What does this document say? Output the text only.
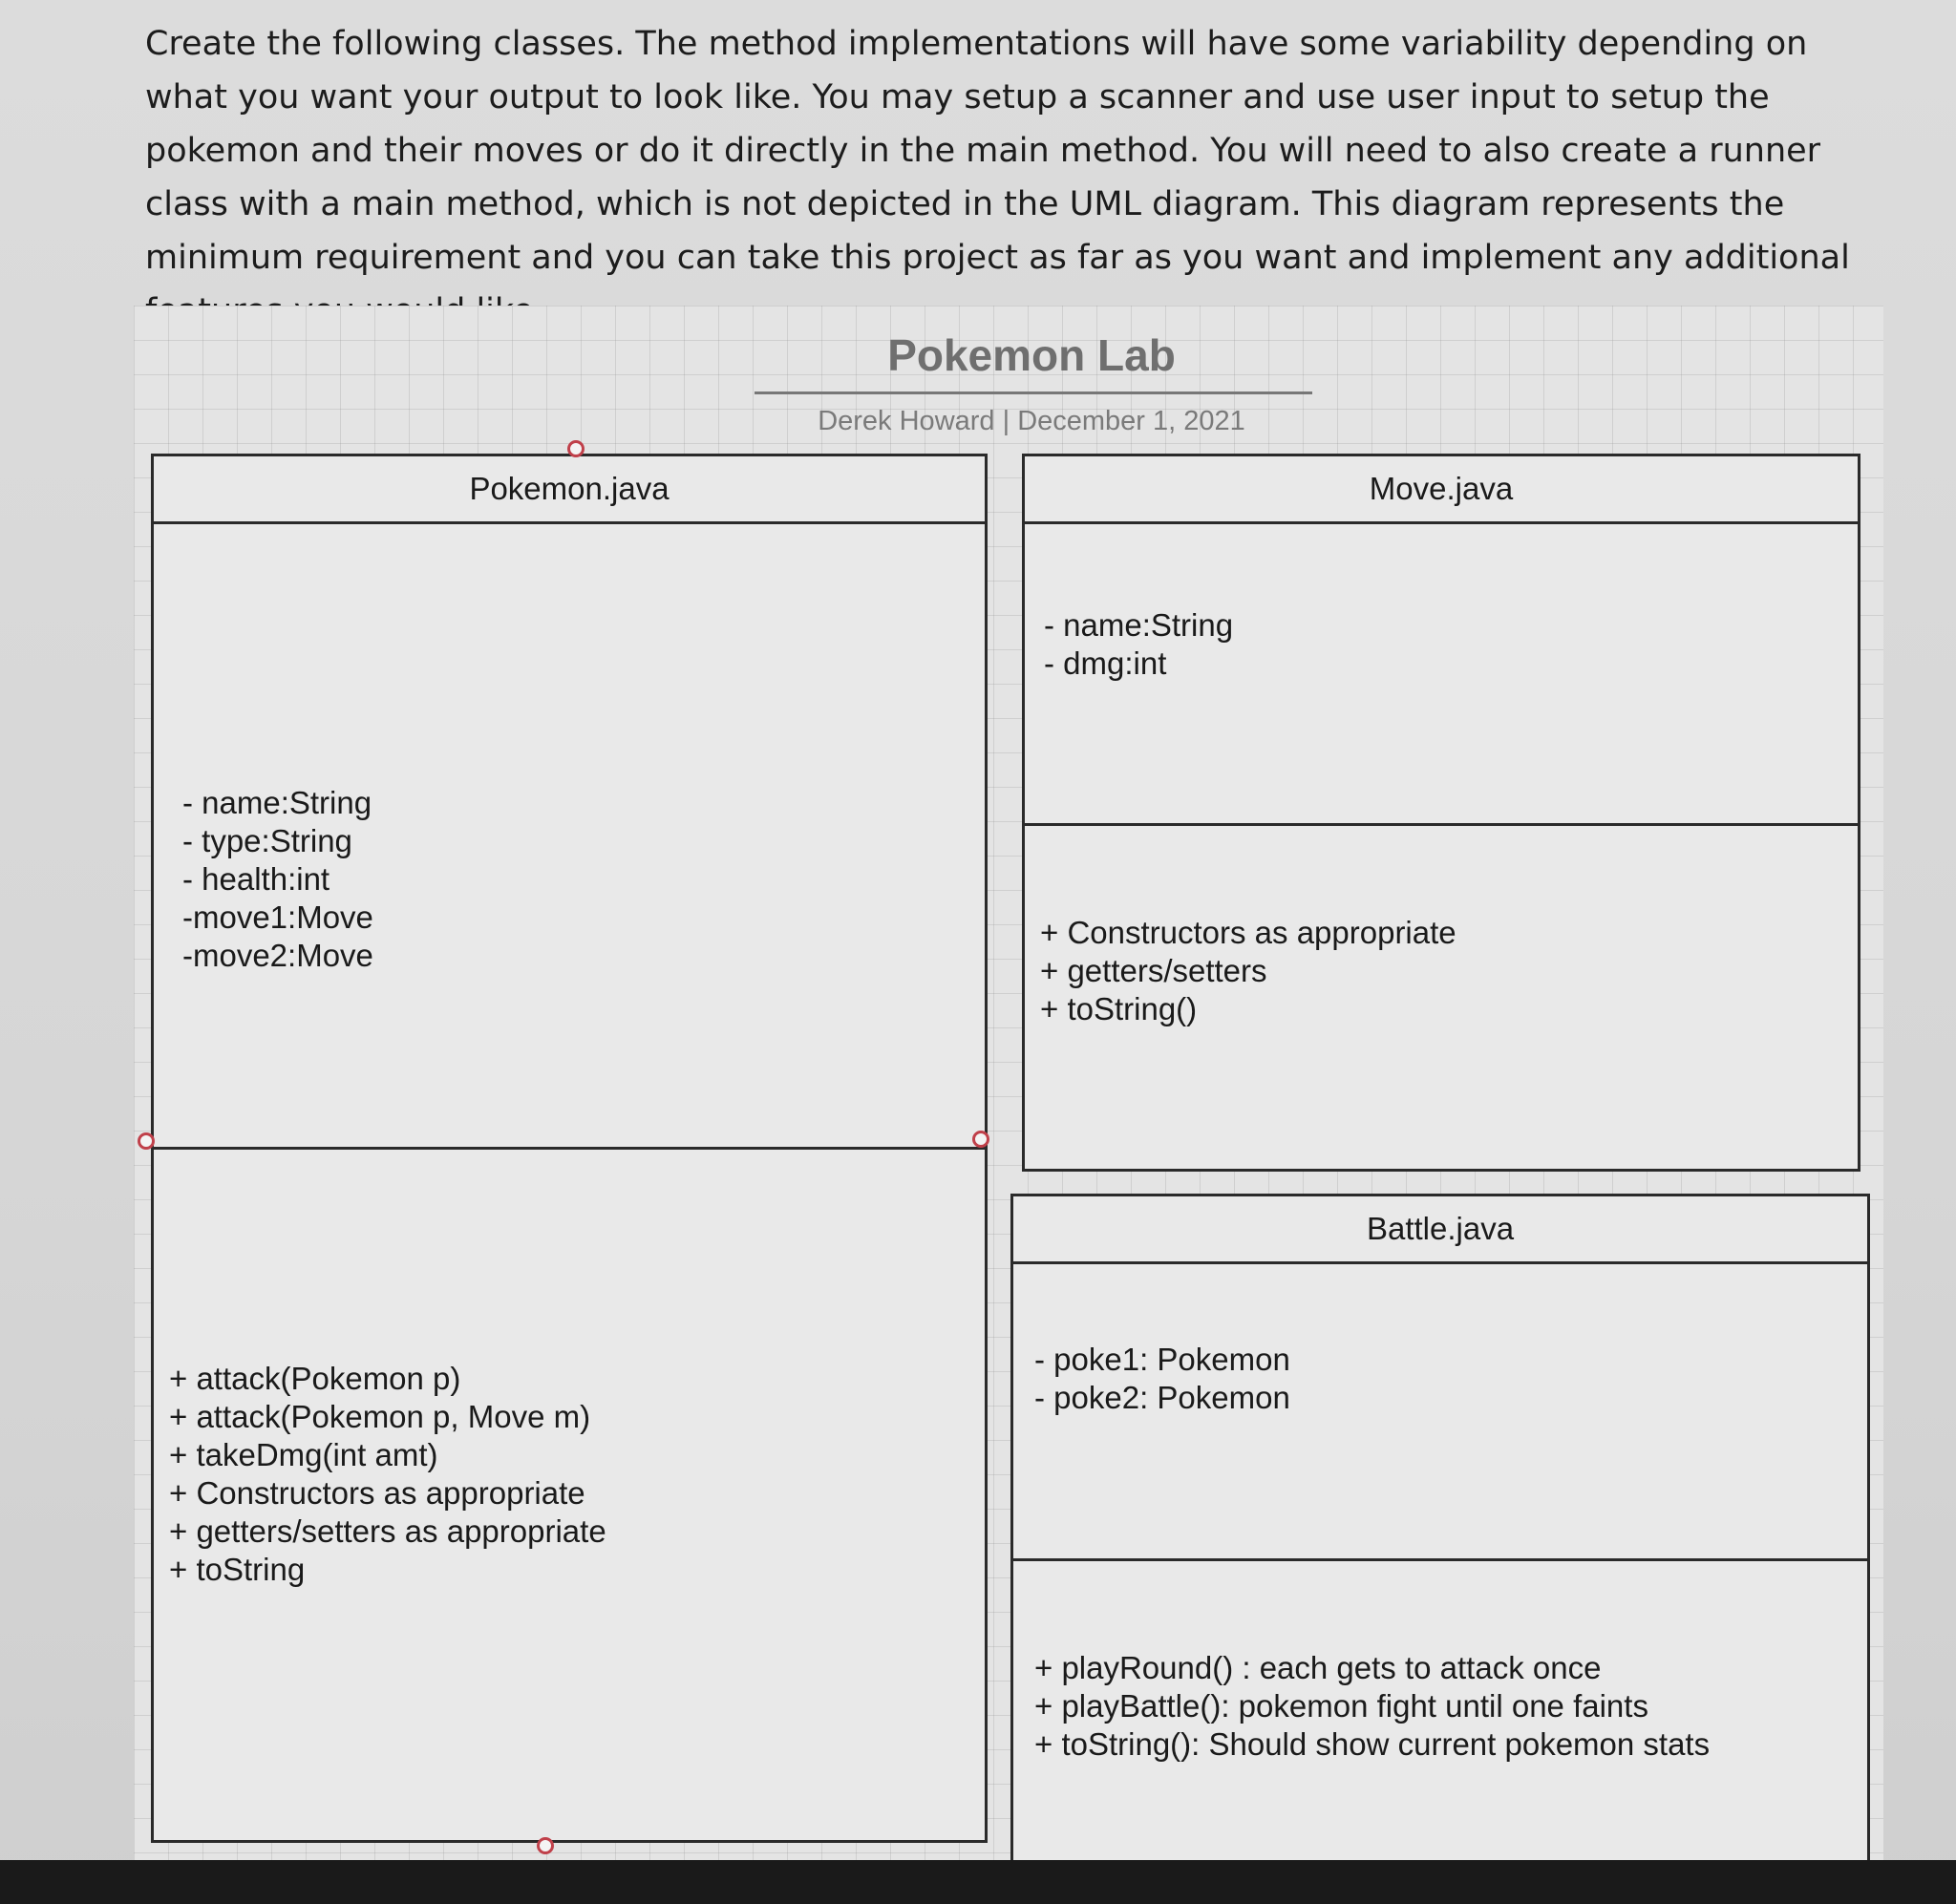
Create the following classes. The method implementations will have some variability depending on what you want your output to look like. You may setup a scanner and use user input to setup the pokemon and their moves or do it directly in the main method. You will need to also create a runner class with a main method, which is not depicted in the UML diagram. This diagram represents the minimum requirement and you can take this project as far as you want and implement any additional

Pokemon Lab
Derek Howard | December 1, 2021
Pokemon.java
- name:String
- type:String
- health:int
-move1:Move
-move2:Move
+ attack(Pokemon p)
+ attack(Pokemon p, Move m)
+ takeDmg(int amt)
+ Constructors as appropriate
+ getters/setters as appropriate
+ toString
Move.java
- name:String
- dmg:int
+ Constructors as appropriate
+ getters/setters
+ toString()
Battle.java
- poke1: Pokemon
- poke2: Pokemon
+ playRound() : each gets to attack once
+ playBattle(): pokemon fight until one faints
+ toString(): Should show current pokemon stats
